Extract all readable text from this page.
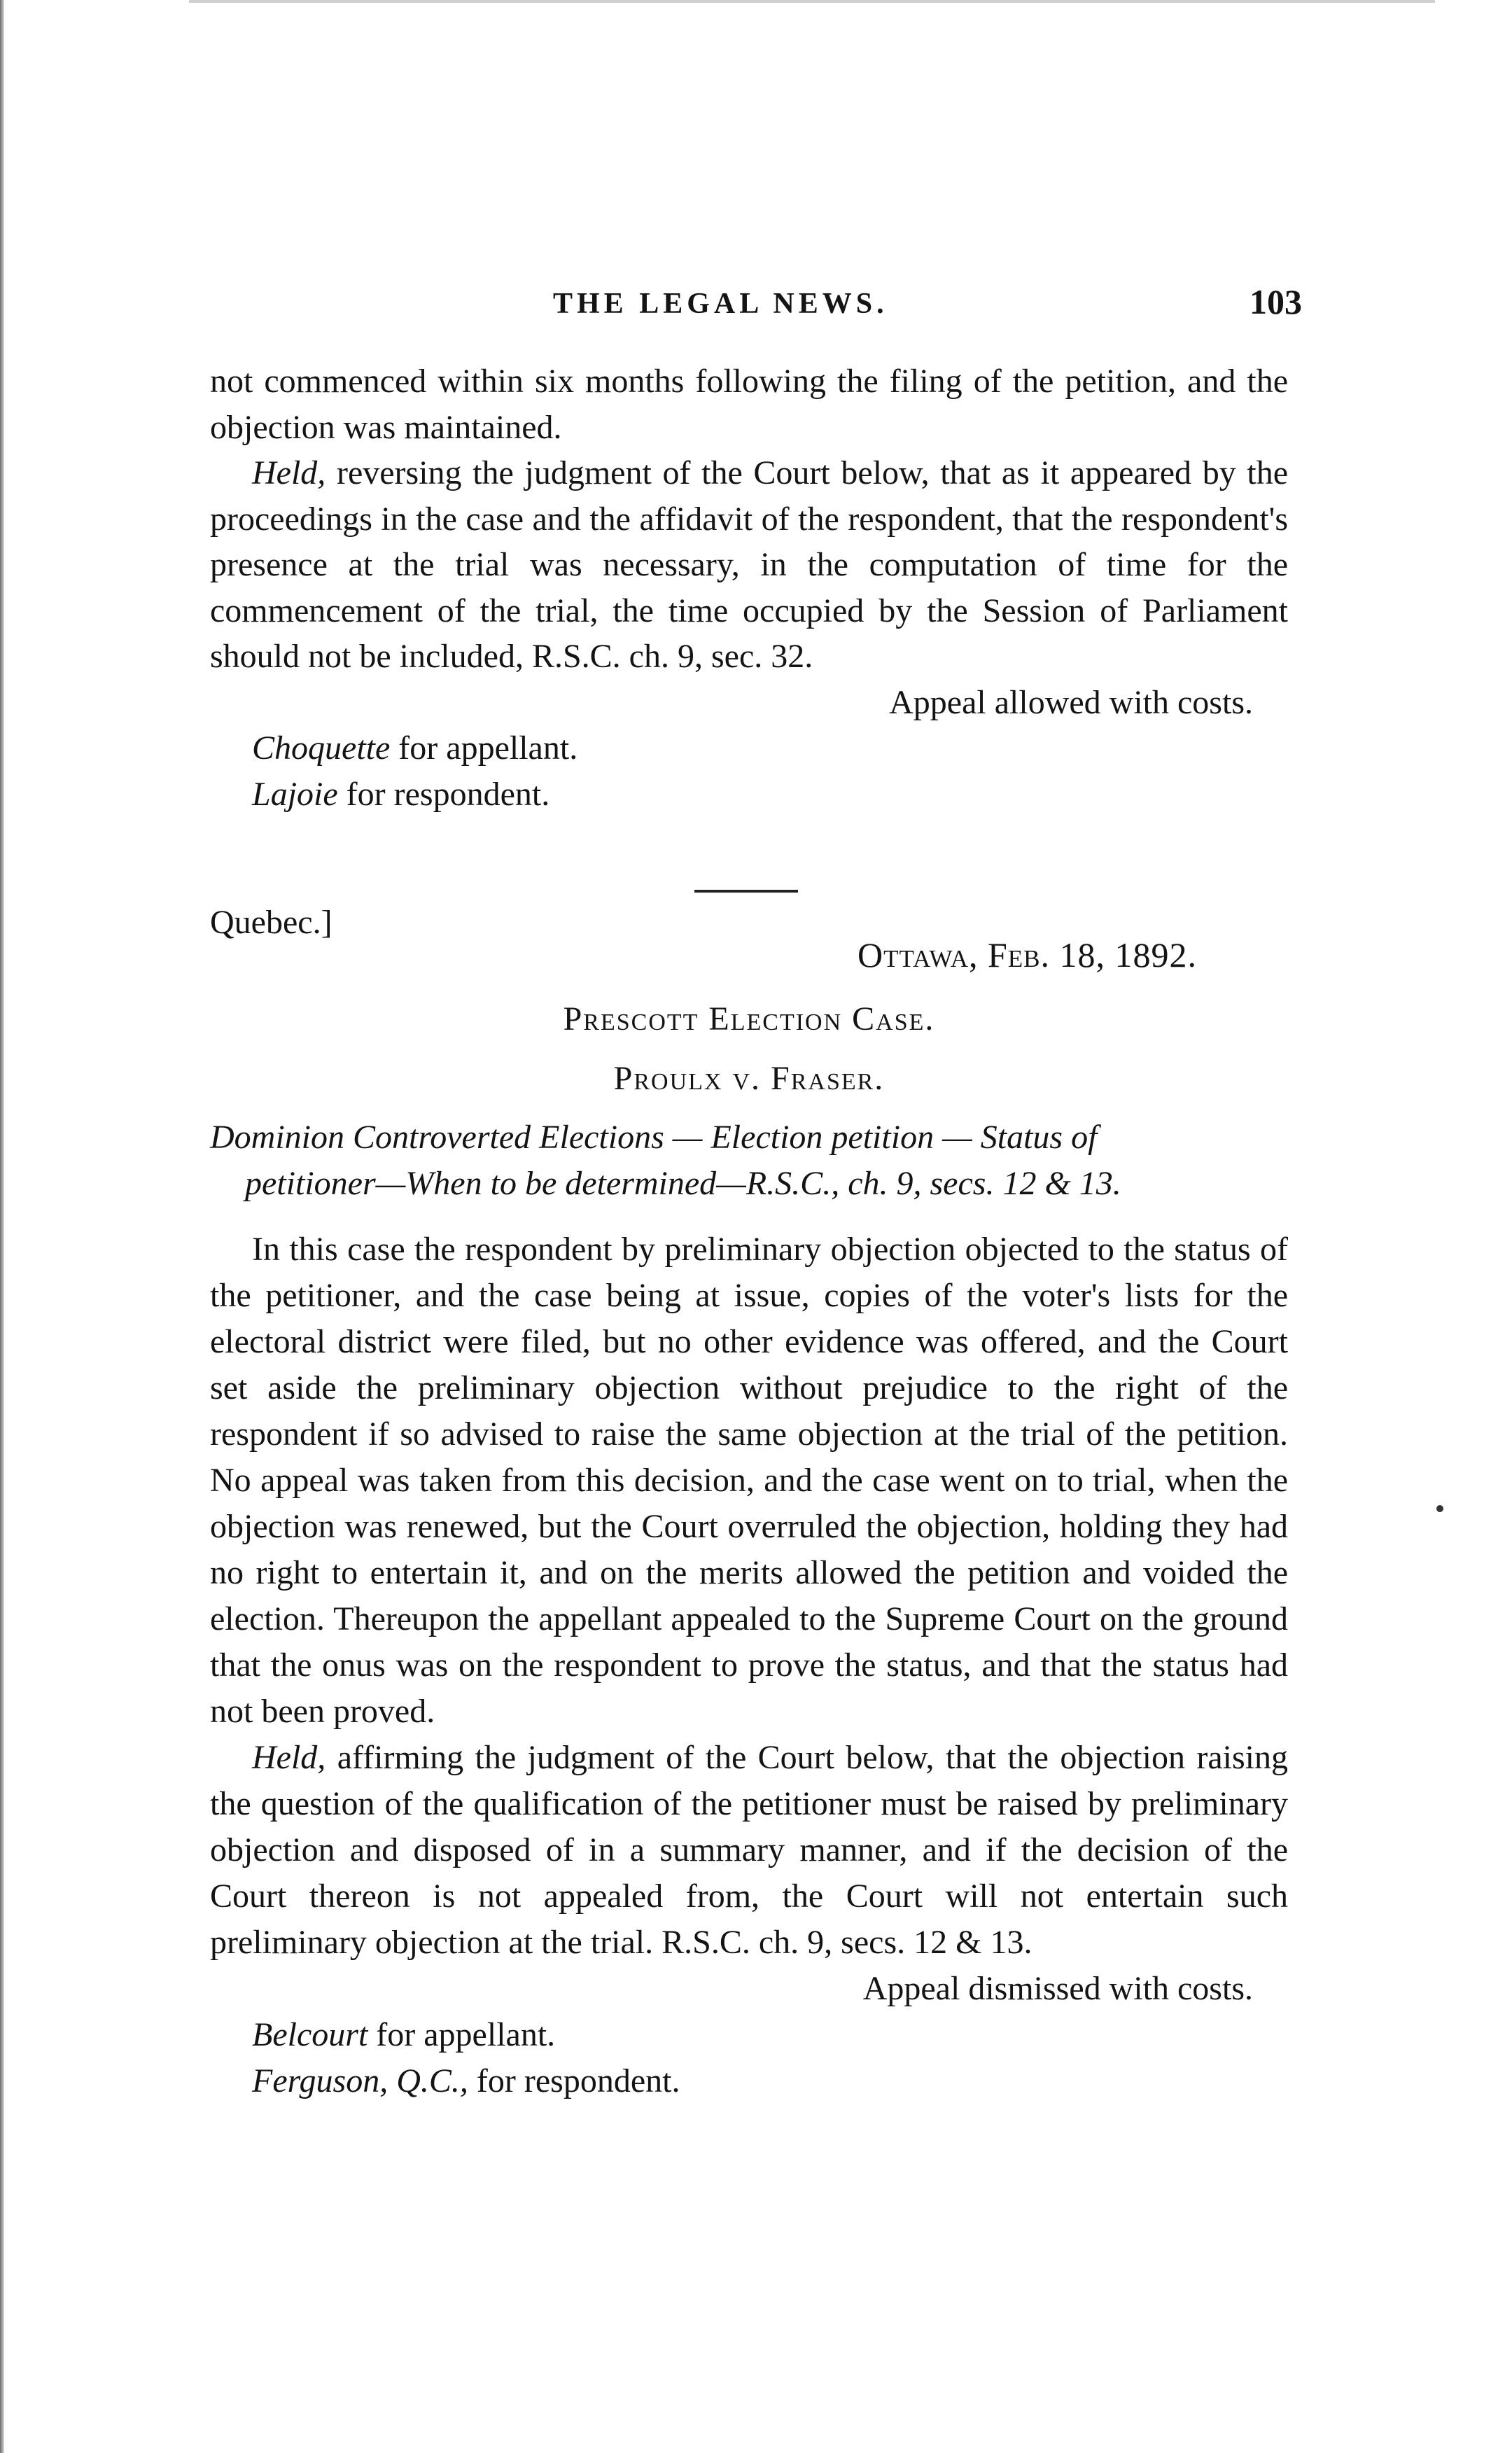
THE LEGAL NEWS.	103

not commenced within six months following the filing of the petition, and the objection was maintained.

Held, reversing the judgment of the Court below, that as it appeared by the proceedings in the case and the affidavit of the respondent, that the respondent's presence at the trial was necessary, in the computation of time for the commencement of the trial, the time occupied by the Session of Parliament should not be included, R.S.C. ch. 9, sec. 32.

Appeal allowed with costs.

Choquette for appellant.

Lajoie for respondent.

Quebec.]
Ottawa, Feb. 18, 1892.
Prescott Election Case.
Proulx v. Fraser.
Dominion Controverted Elections — Election petition — Status of
petitioner—When to be determined—R.S.C., ch. 9, secs. 12 & 13.

In this case the respondent by preliminary objection objected to the status of the petitioner, and the case being at issue, copies of the voter's lists for the electoral district were filed, but no other evidence was offered, and the Court set aside the preliminary objection without prejudice to the right of the respondent if so advised to raise the same objection at the trial of the petition. No appeal was taken from this decision, and the case went on to trial, when the objection was renewed, but the Court overruled the objection, holding they had no right to entertain it, and on the merits allowed the petition and voided the election. Thereupon the appellant appealed to the Supreme Court on the ground that the onus was on the respondent to prove the status, and that the status had not been proved.

Held, affirming the judgment of the Court below, that the objection raising the question of the qualification of the petitioner must be raised by preliminary objection and disposed of in a summary manner, and if the decision of the Court thereon is not appealed from, the Court will not entertain such preliminary objection at the trial. R.S.C. ch. 9, secs. 12 & 13.

Appeal dismissed with costs.

Belcourt for appellant.

Ferguson, Q.C., for respondent.
